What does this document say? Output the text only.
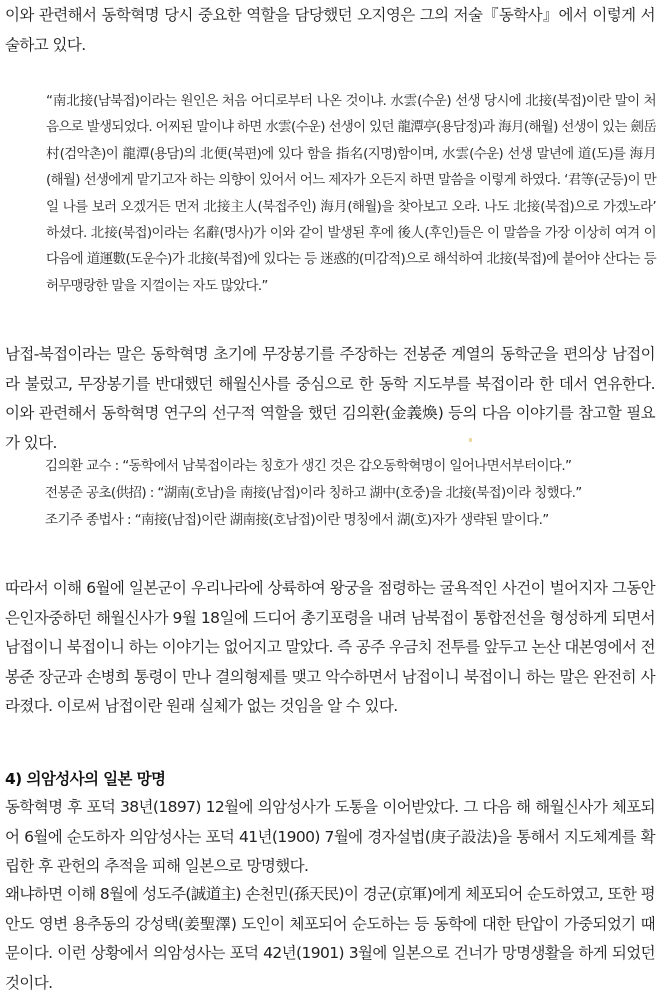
이와 관련해서 동학혁명 당시 중요한 역할을 담당했던 오지영은 그의 저술『동학사』에서 이렇게 서술하고 있다.

“南北接(남북접)이라는 원인은 처음 어디로부터 나온 것이냐. 水雲(수운) 선생 당시에 北接(북접)이란 말이 처음으로 발생되었다. 어찌된 말이냐 하면 水雲(수운) 선생이 있던 龍潭亭(용담정)과 海月(해월) 선생이 있는 劍岳村(검악촌)이 龍潭(용담)의 北便(북편)에 있다 함을 指名(지명)함이며, 水雲(수운) 선생 말년에 道(도)를 海月(해월) 선생에게 맡기고자 하는 의향이 있어서 어느 제자가 오든지 하면 말씀을 이렇게 하였다. ‘君等(군등)이 만일 나를 보러 오겠거든 먼저 北接主人(북접주인) 海月(해월)을 찾아보고 오라. 나도 北接(북접)으로 가겠노라’ 하셨다. 北接(북접)이라는 名辭(명사)가 이와 같이 발생된 후에 後人(후인)들은 이 말씀을 가장 이상히 여겨 이 다음에 道運數(도운수)가 北接(북접)에 있다는 등 迷惑的(미감적)으로 해석하여 北接(북접)에 붙어야 산다는 등 허무맹랑한 말을 지껄이는 자도 많았다.”

남접-북접이라는 말은 동학혁명 초기에 무장봉기를 주장하는 전봉준 계열의 동학군을 편의상 남접이라 불렀고, 무장봉기를 반대했던 해월신사를 중심으로 한 동학 지도부를 북접이라 한 데서 연유한다. 이와 관련해서 동학혁명 연구의 선구적 역할을 했던 김의환(金義煥) 등의 다음 이야기를 참고할 필요가 있다.

김의환 교수 : “동학에서 남북접이라는 칭호가 생긴 것은 갑오동학혁명이 일어나면서부터이다.”
전봉준 공초(供招) : “湖南(호남)을 南接(남접)이라 칭하고 湖中(호중)을 北接(북접)이라 칭했다.”
조기주 종법사 : “南接(남접)이란 湖南接(호남접)이란 명칭에서 湖(호)자가 생략된 말이다.”

따라서 이해 6월에 일본군이 우리나라에 상륙하여 왕궁을 점령하는 굴욕적인 사건이 벌어지자 그동안 은인자중하던 해월신사가 9월 18일에 드디어 총기포령을 내려 남북접이 통합전선을 형성하게 되면서 남접이니 북접이니 하는 이야기는 없어지고 말았다. 즉 공주 우금치 전투를 앞두고 논산 대본영에서 전봉준 장군과 손병희 통령이 만나 결의형제를 맺고 악수하면서 남접이니 북접이니 하는 말은 완전히 사라졌다. 이로써 남접이란 원래 실체가 없는 것임을 알 수 있다.

4) 의암성사의 일본 망명

동학혁명 후 포덕 38년(1897) 12월에 의암성사가 도통을 이어받았다. 그 다음 해 해월신사가 체포되어 6월에 순도하자 의암성사는 포덕 41년(1900) 7월에 경자설법(庚子設法)을 통해서 지도체계를 확립한 후 관헌의 추적을 피해 일본으로 망명했다.

왜냐하면 이해 8월에 성도주(誠道主) 손천민(孫天民)이 경군(京軍)에게 체포되어 순도하였고, 또한 평안도 영변 용추동의 강성택(姜聖澤) 도인이 체포되어 순도하는 등 동학에 대한 탄압이 가중되었기 때문이다. 이런 상황에서 의암성사는 포덕 42년(1901) 3월에 일본으로 건너가 망명생활을 하게 되었던 것이다.
